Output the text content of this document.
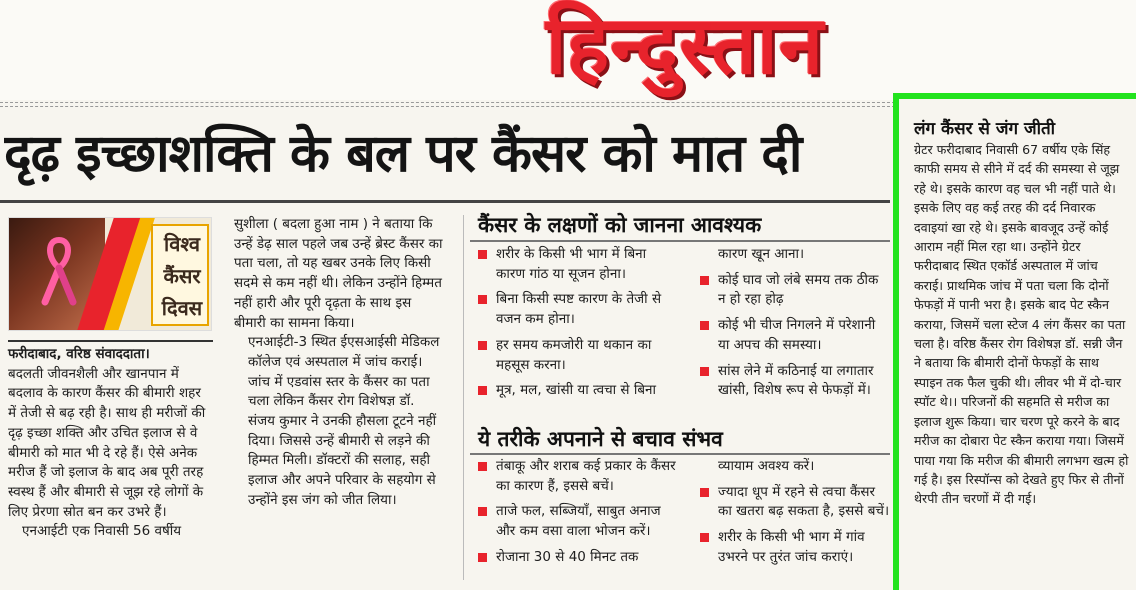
हिन्दुस्तान
दृढ़ इच्छाशक्ति के बल पर कैंसर को मात दी
विश्व
कैंसर
दिवस

फरीदाबाद, वरिष्ठ संवाददाता।

बदलती जीवनशैली और खानपान में बदलाव के कारण कैंसर की बीमारी शहर में तेजी से बढ़ रही है। साथ ही मरीजों की दृढ़ इच्छा शक्ति और उचित इलाज से वे बीमारी को मात भी दे रहे हैं। ऐसे अनेक मरीज हैं जो इलाज के बाद अब पूरी तरह स्वस्थ हैं और बीमारी से जूझ रहे लोगों के लिए प्रेरणा स्रोत बन कर उभरे हैं।

एनआईटी एक निवासी 56 वर्षीय

सुशीला ( बदला हुआ नाम ) ने बताया कि उन्हें डेढ़ साल पहले जब उन्हें ब्रेस्ट कैंसर का पता चला, तो यह खबर उनके लिए किसी सदमे से कम नहीं थी। लेकिन उन्होंने हिम्मत नहीं हारी और पूरी दृढ़ता के साथ इस बीमारी का सामना किया।

एनआईटी-3 स्थित ईएसआईसी मेडिकल कॉलेज एवं अस्पताल में जांच कराई। जांच में एडवांस स्तर के कैंसर का पता चला लेकिन कैंसर रोग विशेषज्ञ डॉ. संजय कुमार ने उनकी हौसला टूटने नहीं दिया। जिससे उन्हें बीमारी से लड़ने की हिम्मत मिली। डॉक्टरों की सलाह, सही इलाज और अपने परिवार के सहयोग से उन्होंने इस जंग को जीत लिया।

कैंसर के लक्षणों को जानना आवश्यक
शरीर के किसी भी भाग में बिना कारण गांठ या सूजन होना।
बिना किसी स्पष्ट कारण के तेजी से वजन कम होना।
हर समय कमजोरी या थकान का महसूस करना।
मूत्र, मल, खांसी या त्वचा से बिना
कारण खून आना।
कोई घाव जो लंबे समय तक ठीक न हो रहा होढ़
कोई भी चीज निगलने में परेशानी या अपच की समस्या।
सांस लेने में कठिनाई या लगातार खांसी, विशेष रूप से फेफड़ों में।
ये तरीके अपनाने से बचाव संभव
तंबाकू और शराब कई प्रकार के कैंसर का कारण हैं, इससे बचें।
ताजे फल, सब्जियाँ, साबुत अनाज और कम वसा वाला भोजन करें।
रोजाना 30 से 40 मिनट तक
व्यायाम अवश्य करें।
ज्यादा धूप में रहने से त्वचा कैंसर का खतरा बढ़ सकता है, इससे बचें।
शरीर के किसी भी भाग में गांव उभरने पर तुरंत जांच कराएं।
लंग कैंसर से जंग जीती
ग्रेटर फरीदाबाद निवासी 67 वर्षीय एके सिंह काफी समय से सीने में दर्द की समस्या से जूझ रहे थे। इसके कारण वह चल भी नहीं पाते थे। इसके लिए वह कई तरह की दर्द निवारक दवाइयां खा रहे थे। इसके बावजूद उन्हें कोई आराम नहीं मिल रहा था। उन्होंने ग्रेटर फरीदाबाद स्थित एकॉर्ड अस्पताल में जांच कराई। प्राथमिक जांच में पता चला कि दोनों फेफड़ों में पानी भरा है। इसके बाद पेट स्कैन कराया, जिसमें चला स्टेज 4 लंग कैंसर का पता चला है। वरिष्ठ कैंसर रोग विशेषज्ञ डॉ. सन्नी जैन ने बताया कि बीमारी दोनों फेफड़ों के साथ स्पाइन तक फैल चुकी थी। लीवर भी में दो-चार स्पॉट थे।। परिजनों की सहमति से मरीज का इलाज शुरू किया। चार चरण पूरे करने के बाद मरीज का दोबारा पेट स्कैन कराया गया। जिसमें पाया गया कि मरीज की बीमारी लगभग खत्म हो गई है। इस रिस्पॉन्स को देखते हुए फिर से तीनों थेरपी तीन चरणों में दी गई।
